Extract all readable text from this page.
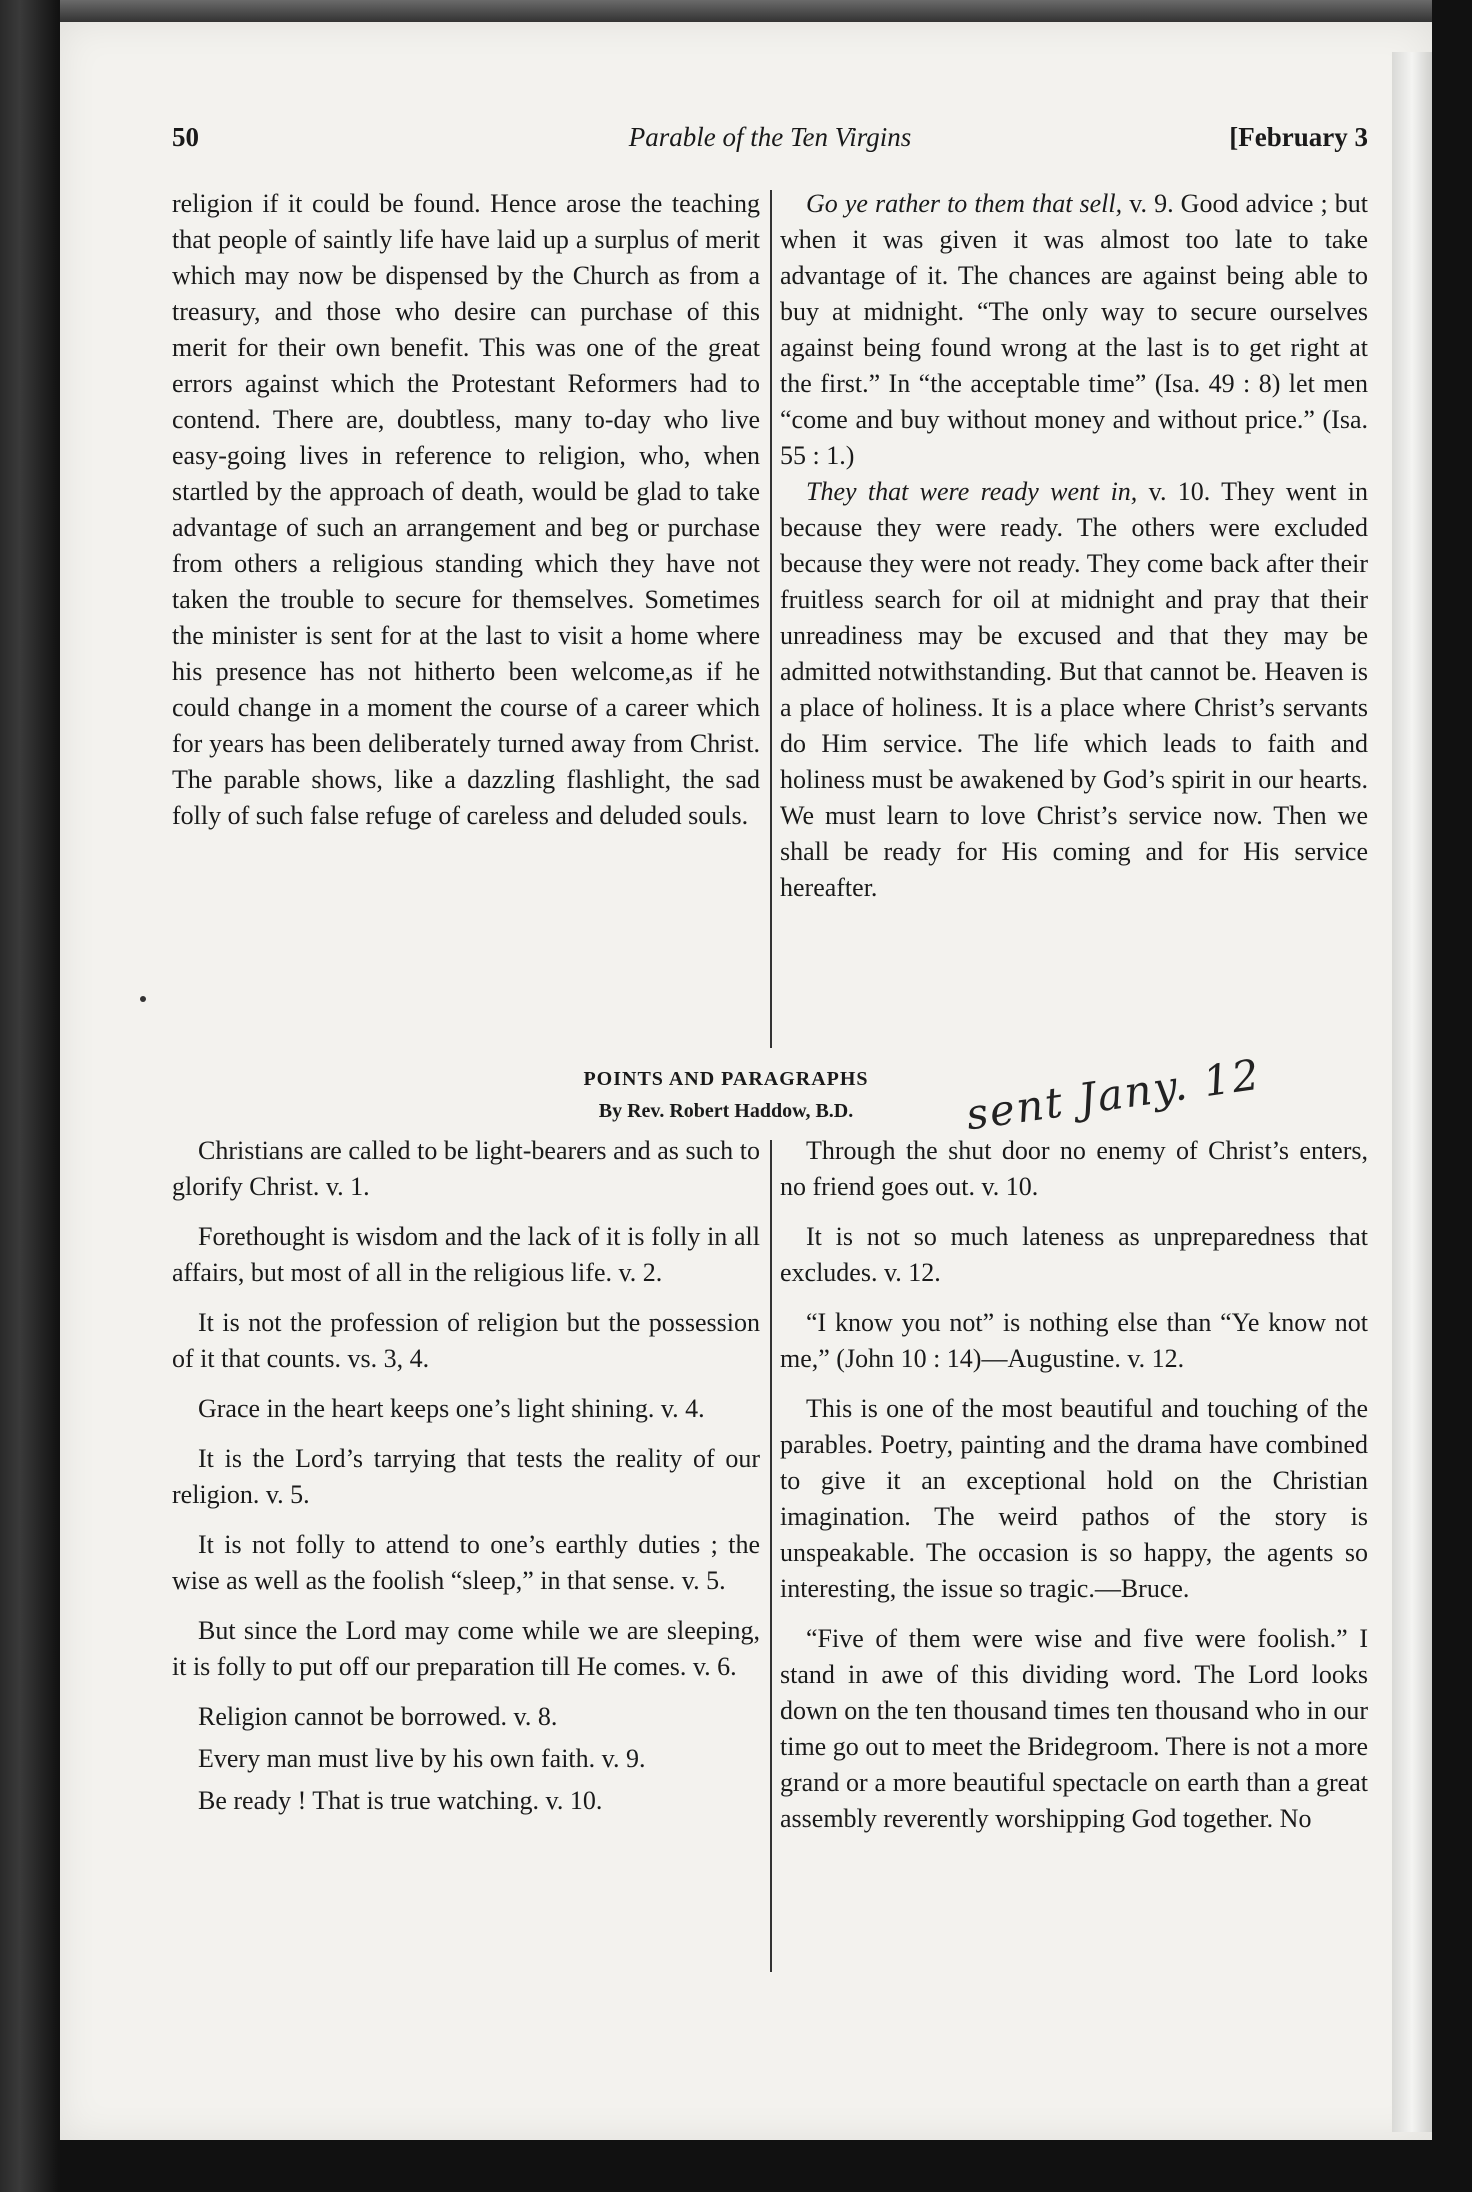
50	Parable of the Ten Virgins	[February 3

religion if it could be found. Hence arose the teaching that people of saintly life have laid up a surplus of merit which may now be dispensed by the Church as from a treasury, and those who desire can purchase of this merit for their own benefit. This was one of the great errors against which the Protestant Reformers had to contend. There are, doubtless, many to-day who live easy-going lives in reference to religion, who, when startled by the approach of death, would be glad to take advantage of such an arrangement and beg or purchase from others a religious standing which they have not taken the trouble to secure for themselves. Sometimes the minister is sent for at the last to visit a home where his presence has not hitherto been welcome,as if he could change in a moment the course of a career which for years has been deliberately turned away from Christ. The parable shows, like a dazzling flashlight, the sad folly of such false refuge of careless and deluded souls.

Go ye rather to them that sell, v. 9. Good advice ; but when it was given it was almost too late to take advantage of it. The chances are against being able to buy at midnight. “The only way to secure ourselves against being found wrong at the last is to get right at the first.” In “the acceptable time” (Isa. 49 : 8) let men “come and buy without money and without price.” (Isa. 55 : 1.)

They that were ready went in, v. 10. They went in because they were ready. The others were excluded because they were not ready. They come back after their fruitless search for oil at midnight and pray that their unreadiness may be excused and that they may be admitted notwithstanding. But that cannot be. Heaven is a place of holiness. It is a place where Christ’s servants do Him service. The life which leads to faith and holiness must be awakened by God’s spirit in our hearts. We must learn to love Christ’s service now. Then we shall be ready for His coming and for His service hereafter.

POINTS AND PARAGRAPHS
By Rev. Robert Haddow, B.D.	sent Jany. 12
Christians are called to be light-bearers and as such to glorify Christ. v. 1.
Forethought is wisdom and the lack of it is folly in all affairs, but most of all in the religious life. v. 2.
It is not the profession of religion but the possession of it that counts. vs. 3, 4.
Grace in the heart keeps one’s light shining. v. 4.
It is the Lord’s tarrying that tests the reality of our religion. v. 5.
It is not folly to attend to one’s earthly duties ; the wise as well as the foolish “sleep,” in that sense. v. 5.
But since the Lord may come while we are sleeping, it is folly to put off our preparation till He comes. v. 6.
Religion cannot be borrowed. v. 8.
Every man must live by his own faith. v. 9.
Be ready ! That is true watching. v. 10.
Through the shut door no enemy of Christ’s enters, no friend goes out. v. 10.
It is not so much lateness as unpreparedness that excludes. v. 12.
“I know you not” is nothing else than “Ye know not me,” (John 10 : 14)—Augustine. v. 12.
This is one of the most beautiful and touching of the parables. Poetry, painting and the drama have combined to give it an exceptional hold on the Christian imagination. The weird pathos of the story is unspeakable. The occasion is so happy, the agents so interesting, the issue so tragic.—Bruce.
“Five of them were wise and five were foolish.” I stand in awe of this dividing word. The Lord looks down on the ten thousand times ten thousand who in our time go out to meet the Bridegroom. There is not a more grand or a more beautiful spectacle on earth than a great assembly reverently worshipping God together. No
